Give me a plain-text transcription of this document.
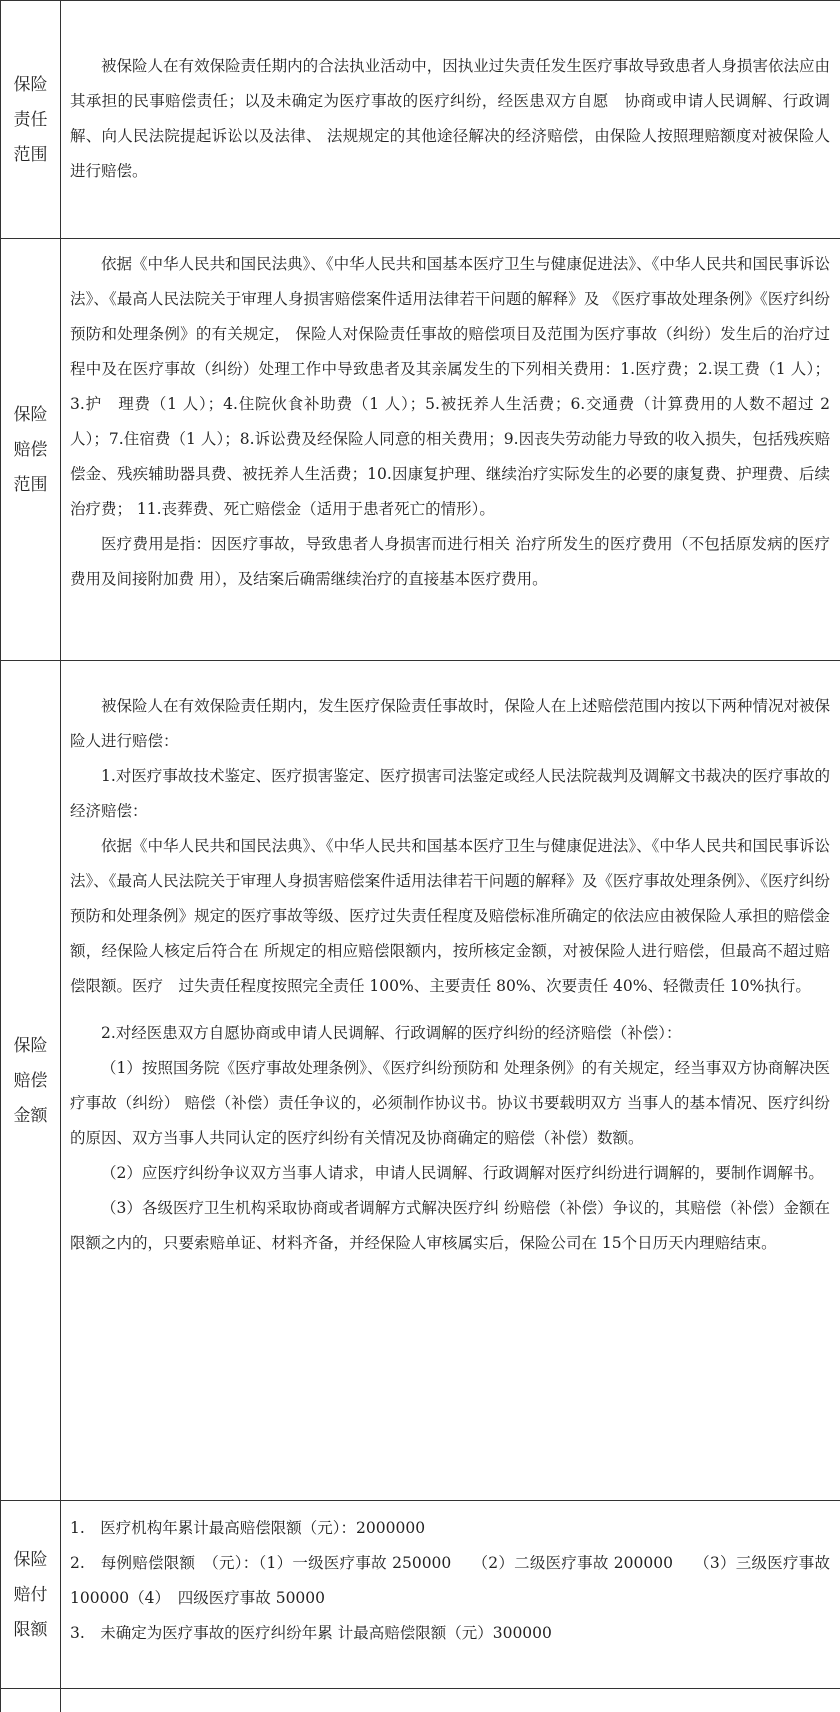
保险责任范围

被保险人在有效保险责任期内的合法执业活动中，因执业过失责任发生医疗事故导致患者人身损害依法应由其承担的民事赔偿责任；以及未确定为医疗事故的医疗纠纷，经医患双方自愿　协商或申请人民调解、行政调解、向人民法院提起诉讼以及法律、 法规规定的其他途径解决的经济赔偿，由保险人按照理赔额度对被保险人进行赔偿。

保险赔偿范围

依据《中华人民共和国民法典》、《中华人民共和国基本医疗卫生与健康促进法》、《中华人民共和国民事诉讼法》、《最高人民法院关于审理人身损害赔偿案件适用法律若干问题的解释》及 《医疗事故处理条例》《医疗纠纷预防和处理条例》的有关规定， 保险人对保险责任事故的赔偿项目及范围为医疗事故（纠纷）发生后的治疗过程中及在医疗事故（纠纷）处理工作中导致患者及其亲属发生的下列相关费用：1.医疗费；2.误工费（1 人）；3.护　理费（1 人）；4.住院伙食补助费（1 人）；5.被抚养人生活费；6.交通费（计算费用的人数不超过 2 人）；7.住宿费（1 人）；8.诉讼费及经保险人同意的相关费用；9.因丧失劳动能力导致的收入损失，包括残疾赔偿金、残疾辅助器具费、被抚养人生活费；10.因康复护理、继续治疗实际发生的必要的康复费、护理费、后续治疗费； 11.丧葬费、死亡赔偿金（适用于患者死亡的情形）。

医疗费用是指：因医疗事故，导致患者人身损害而进行相关 治疗所发生的医疗费用（不包括原发病的医疗费用及间接附加费 用），及结案后确需继续治疗的直接基本医疗费用。

保险赔偿金额

被保险人在有效保险责任期内，发生医疗保险责任事故时，保险人在上述赔偿范围内按以下两种情况对被保险人进行赔偿：

1.对医疗事故技术鉴定、医疗损害鉴定、医疗损害司法鉴定或经人民法院裁判及调解文书裁决的医疗事故的经济赔偿：

依据《中华人民共和国民法典》、《中华人民共和国基本医疗卫生与健康促进法》、《中华人民共和国民事诉讼法》、《最高人民法院关于审理人身损害赔偿案件适用法律若干问题的解释》及《医疗事故处理条例》、《医疗纠纷预防和处理条例》规定的医疗事故等级、医疗过失责任程度及赔偿标准所确定的依法应由被保险人承担的赔偿金额，经保险人核定后符合在 所规定的相应赔偿限额内，按所核定金额，对被保险人进行赔偿，但最高不超过赔偿限额。医疗　过失责任程度按照完全责任 100%、主要责任 80%、次要责任 40%、轻微责任 10%执行。

2.对经医患双方自愿协商或申请人民调解、行政调解的医疗纠纷的经济赔偿（补偿）：

（1）按照国务院《医疗事故处理条例》、《医疗纠纷预防和 处理条例》的有关规定，经当事双方协商解决医疗事故（纠纷） 赔偿（补偿）责任争议的，必须制作协议书。协议书要载明双方 当事人的基本情况、医疗纠纷的原因、双方当事人共同认定的医疗纠纷有关情况及协商确定的赔偿（补偿）数额。

（2）应医疗纠纷争议双方当事人请求，申请人民调解、行政调解对医疗纠纷进行调解的，要制作调解书。

（3）各级医疗卫生机构采取协商或者调解方式解决医疗纠 纷赔偿（补偿）争议的，其赔偿（补偿）金额在限额之内的，只要索赔单证、材料齐备，并经保险人审核属实后，保险公司在 15个日历天内理赔结束。

保险赔付限额

1.　医疗机构年累计最高赔偿限额（元）：2000000

2.　每例赔偿限额　（元）：（1）一级医疗事故 250000　 （2）二级医疗事故 200000　 （3）三级医疗事故 100000（4）　四级医疗事故 50000

3.　未确定为医疗事故的医疗纠纷年累 计最高赔偿限额（元）300000
